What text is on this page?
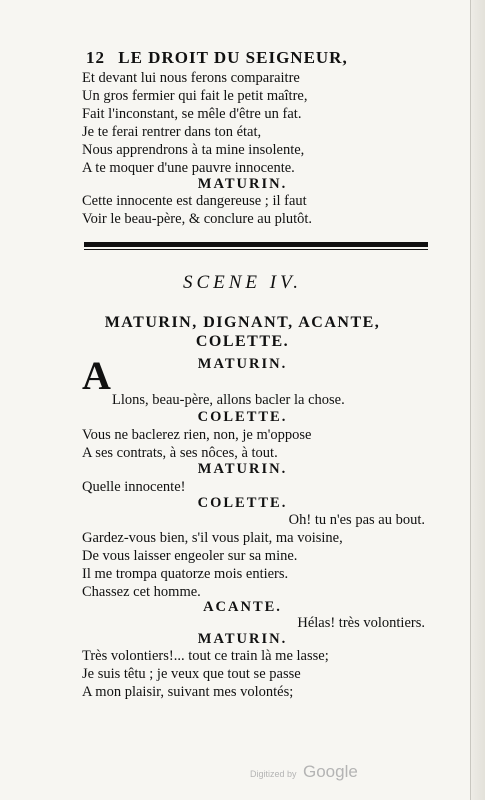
12 LE DROIT DU SEIGNEUR,
Et devant lui nous ferons comparaitre
Un gros fermier qui fait le petit maître,
Fait l'inconstant, se mêle d'être un fat.
Je te ferai rentrer dans ton état,
Nous apprendrons à ta mine insolente,
A te moquer d'une pauvre innocente.
MATURIN.
Cette innocente est dangereuse ; il faut
Voir le beau-père, & conclure au plutôt.
SCENE IV.
MATURIN, DIGNANT, ACANTE,
COLETTE.
MATURIN.
A
Llons, beau-père, allons bacler la chose.
COLETTE.
Vous ne baclerez rien, non, je m'oppose
A ses contrats, à ses nôces, à tout.
MATURIN.
Quelle innocente!
COLETTE.
Oh! tu n'es pas au bout.
Gardez-vous bien, s'il vous plait, ma voisine,
De vous laisser engeoler sur sa mine.
Il me trompa quatorze mois entiers.
Chassez cet homme.
ACANTE.
Hélas! très volontiers.
MATURIN.
Très volontiers!... tout ce train là me lasse;
Je suis têtu ; je veux que tout se passe
A mon plaisir, suivant mes volontés;
Digitized by Google
